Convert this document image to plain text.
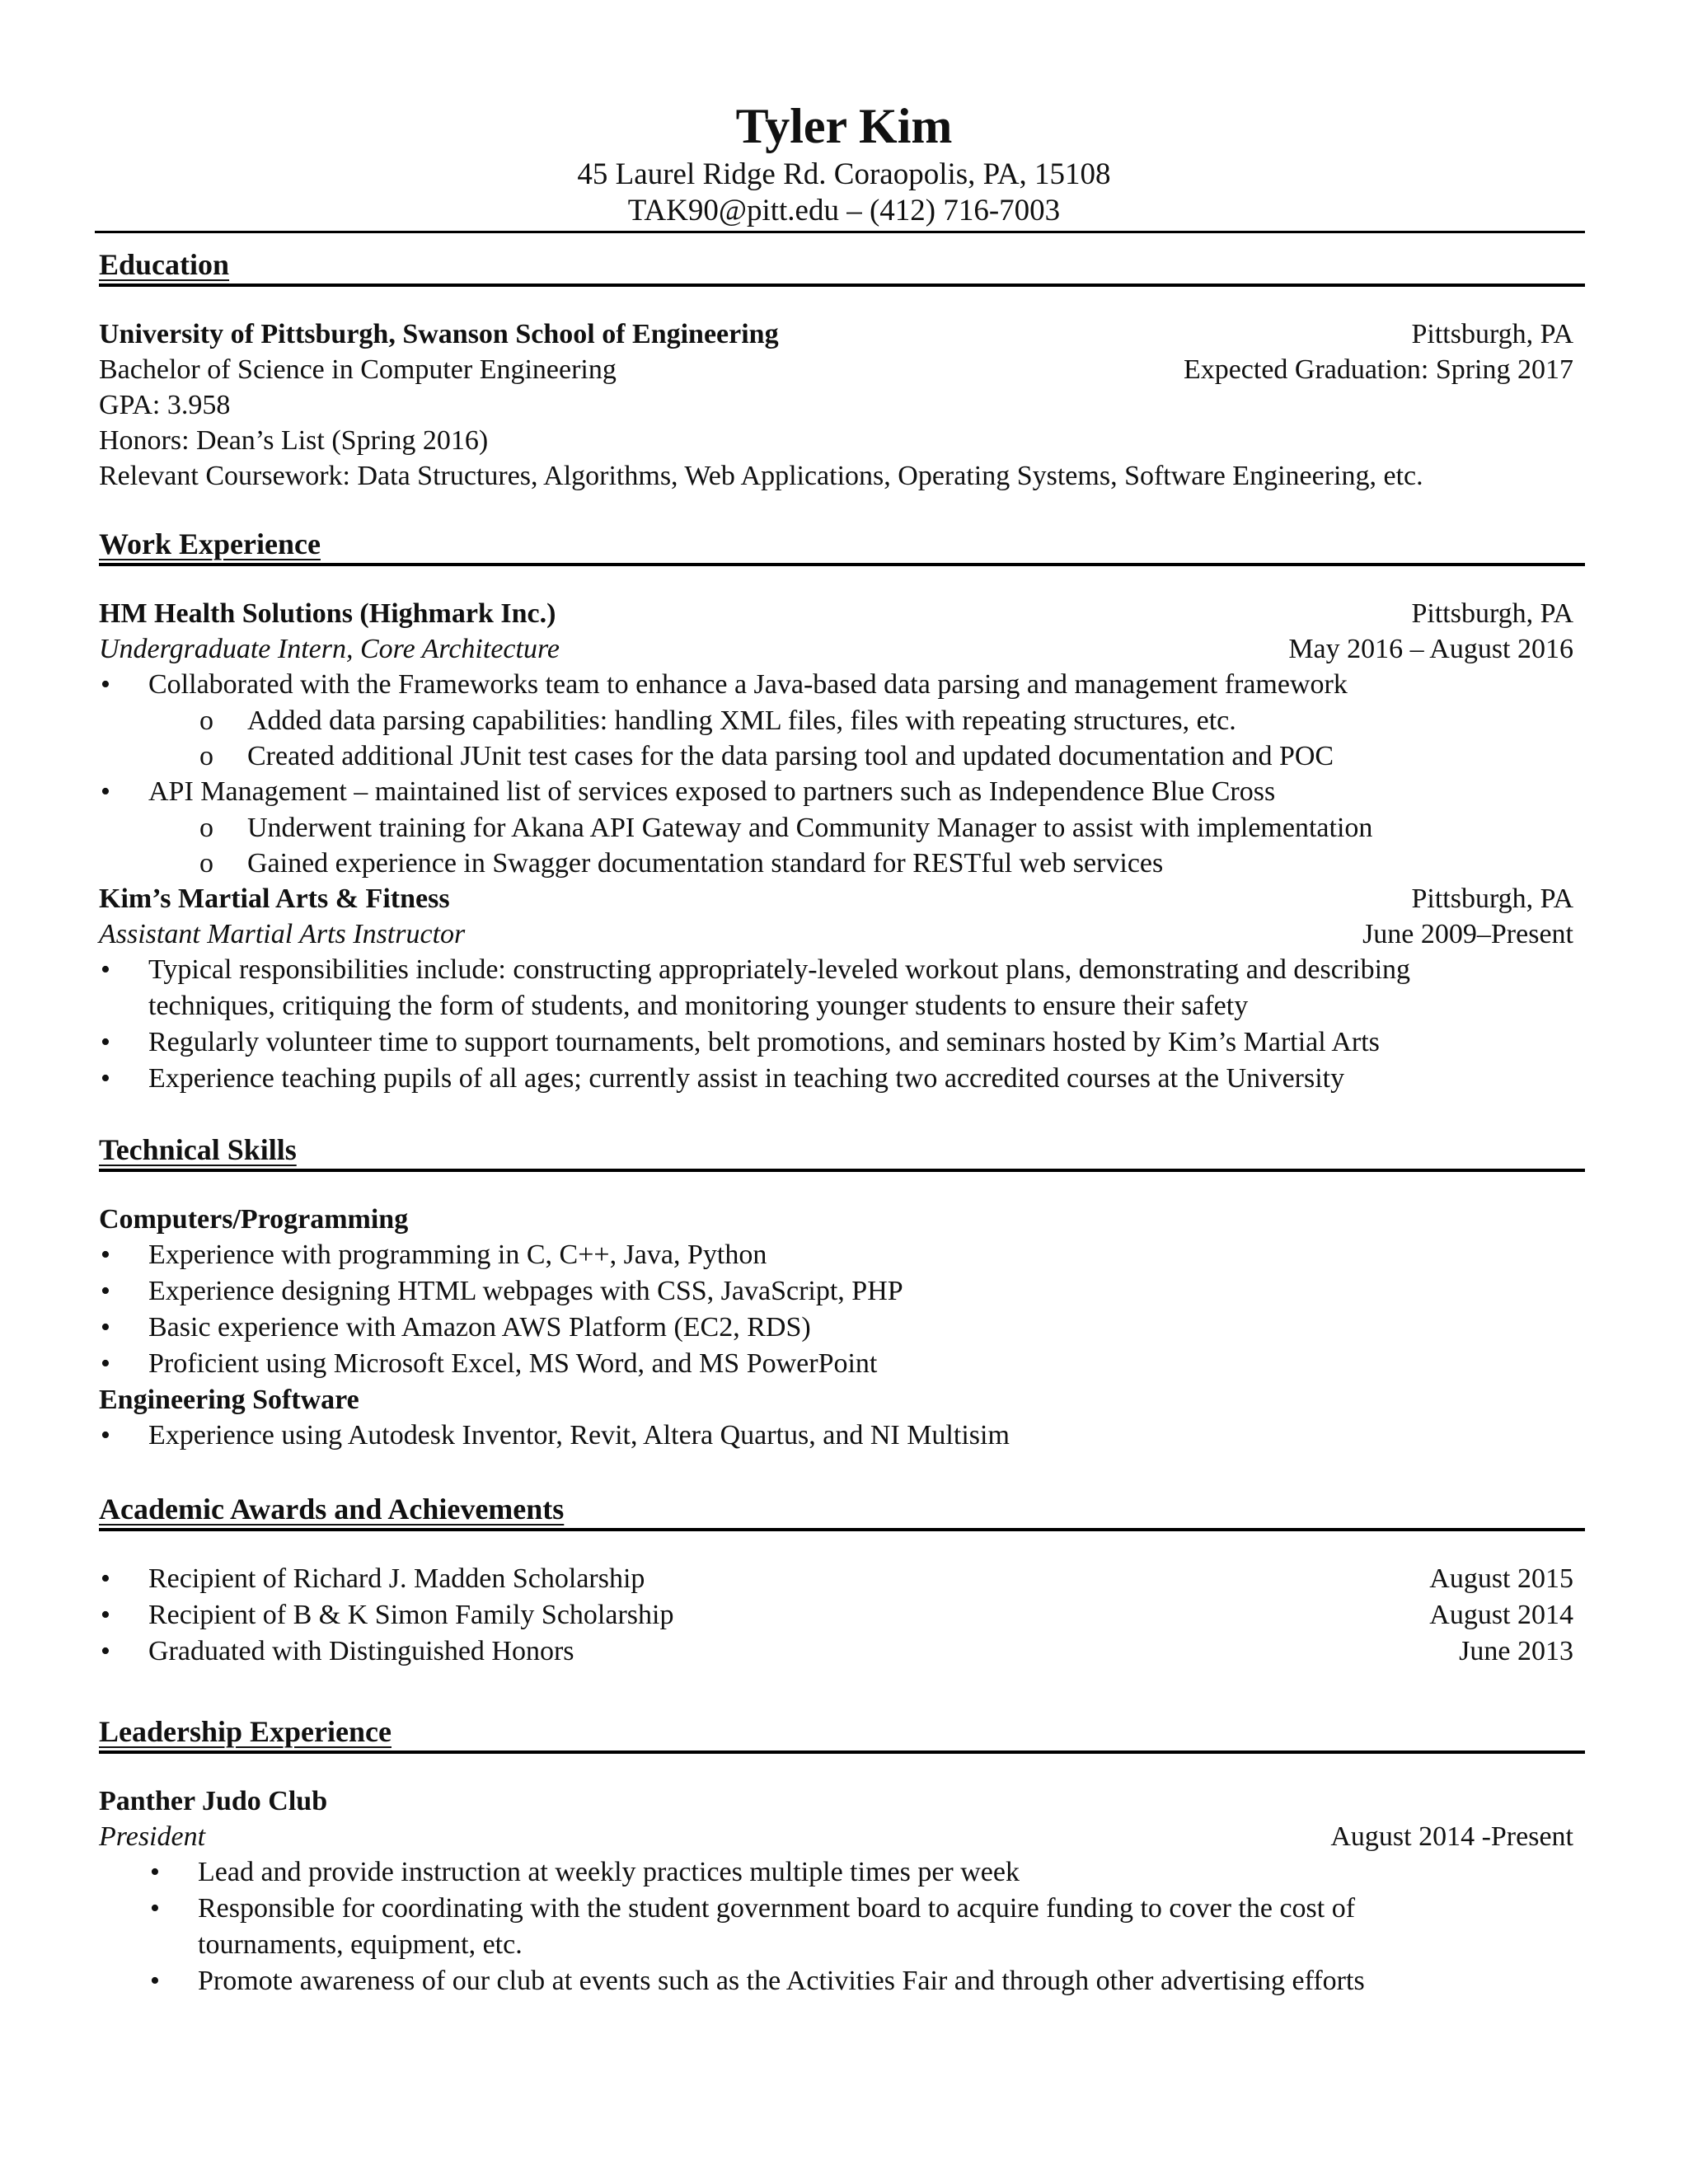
Tyler Kim
45 Laurel Ridge Rd. Coraopolis, PA, 15108
TAK90@pitt.edu – (412) 716-7003
Education
University of Pittsburgh, Swanson School of Engineering	Pittsburgh, PA
Bachelor of Science in Computer Engineering	Expected Graduation: Spring 2017
GPA: 3.958
Honors: Dean’s List (Spring 2016)
Relevant Coursework: Data Structures, Algorithms, Web Applications, Operating Systems, Software Engineering, etc.
Work Experience
HM Health Solutions (Highmark Inc.)	Pittsburgh, PA
Undergraduate Intern, Core Architecture	May 2016 – August 2016
• Collaborated with the Frameworks team to enhance a Java-based data parsing and management framework
o Added data parsing capabilities: handling XML files, files with repeating structures, etc.
o Created additional JUnit test cases for the data parsing tool and updated documentation and POC
• API Management – maintained list of services exposed to partners such as Independence Blue Cross
o Underwent training for Akana API Gateway and Community Manager to assist with implementation
o Gained experience in Swagger documentation standard for RESTful web services
Kim’s Martial Arts & Fitness	Pittsburgh, PA
Assistant Martial Arts Instructor	June 2009–Present
• Typical responsibilities include: constructing appropriately-leveled workout plans, demonstrating and describing techniques, critiquing the form of students, and monitoring younger students to ensure their safety
• Regularly volunteer time to support tournaments, belt promotions, and seminars hosted by Kim’s Martial Arts
• Experience teaching pupils of all ages; currently assist in teaching two accredited courses at the University
Technical Skills
Computers/Programming
• Experience with programming in C, C++, Java, Python
• Experience designing HTML webpages with CSS, JavaScript, PHP
• Basic experience with Amazon AWS Platform (EC2, RDS)
• Proficient using Microsoft Excel, MS Word, and MS PowerPoint
Engineering Software
• Experience using Autodesk Inventor, Revit, Altera Quartus, and NI Multisim
Academic Awards and Achievements
• Recipient of Richard J. Madden Scholarship	August 2015
• Recipient of B & K Simon Family Scholarship	August 2014
• Graduated with Distinguished Honors	June 2013
Leadership Experience
Panther Judo Club
President	August 2014 -Present
• Lead and provide instruction at weekly practices multiple times per week
• Responsible for coordinating with the student government board to acquire funding to cover the cost of tournaments, equipment, etc.
• Promote awareness of our club at events such as the Activities Fair and through other advertising efforts
